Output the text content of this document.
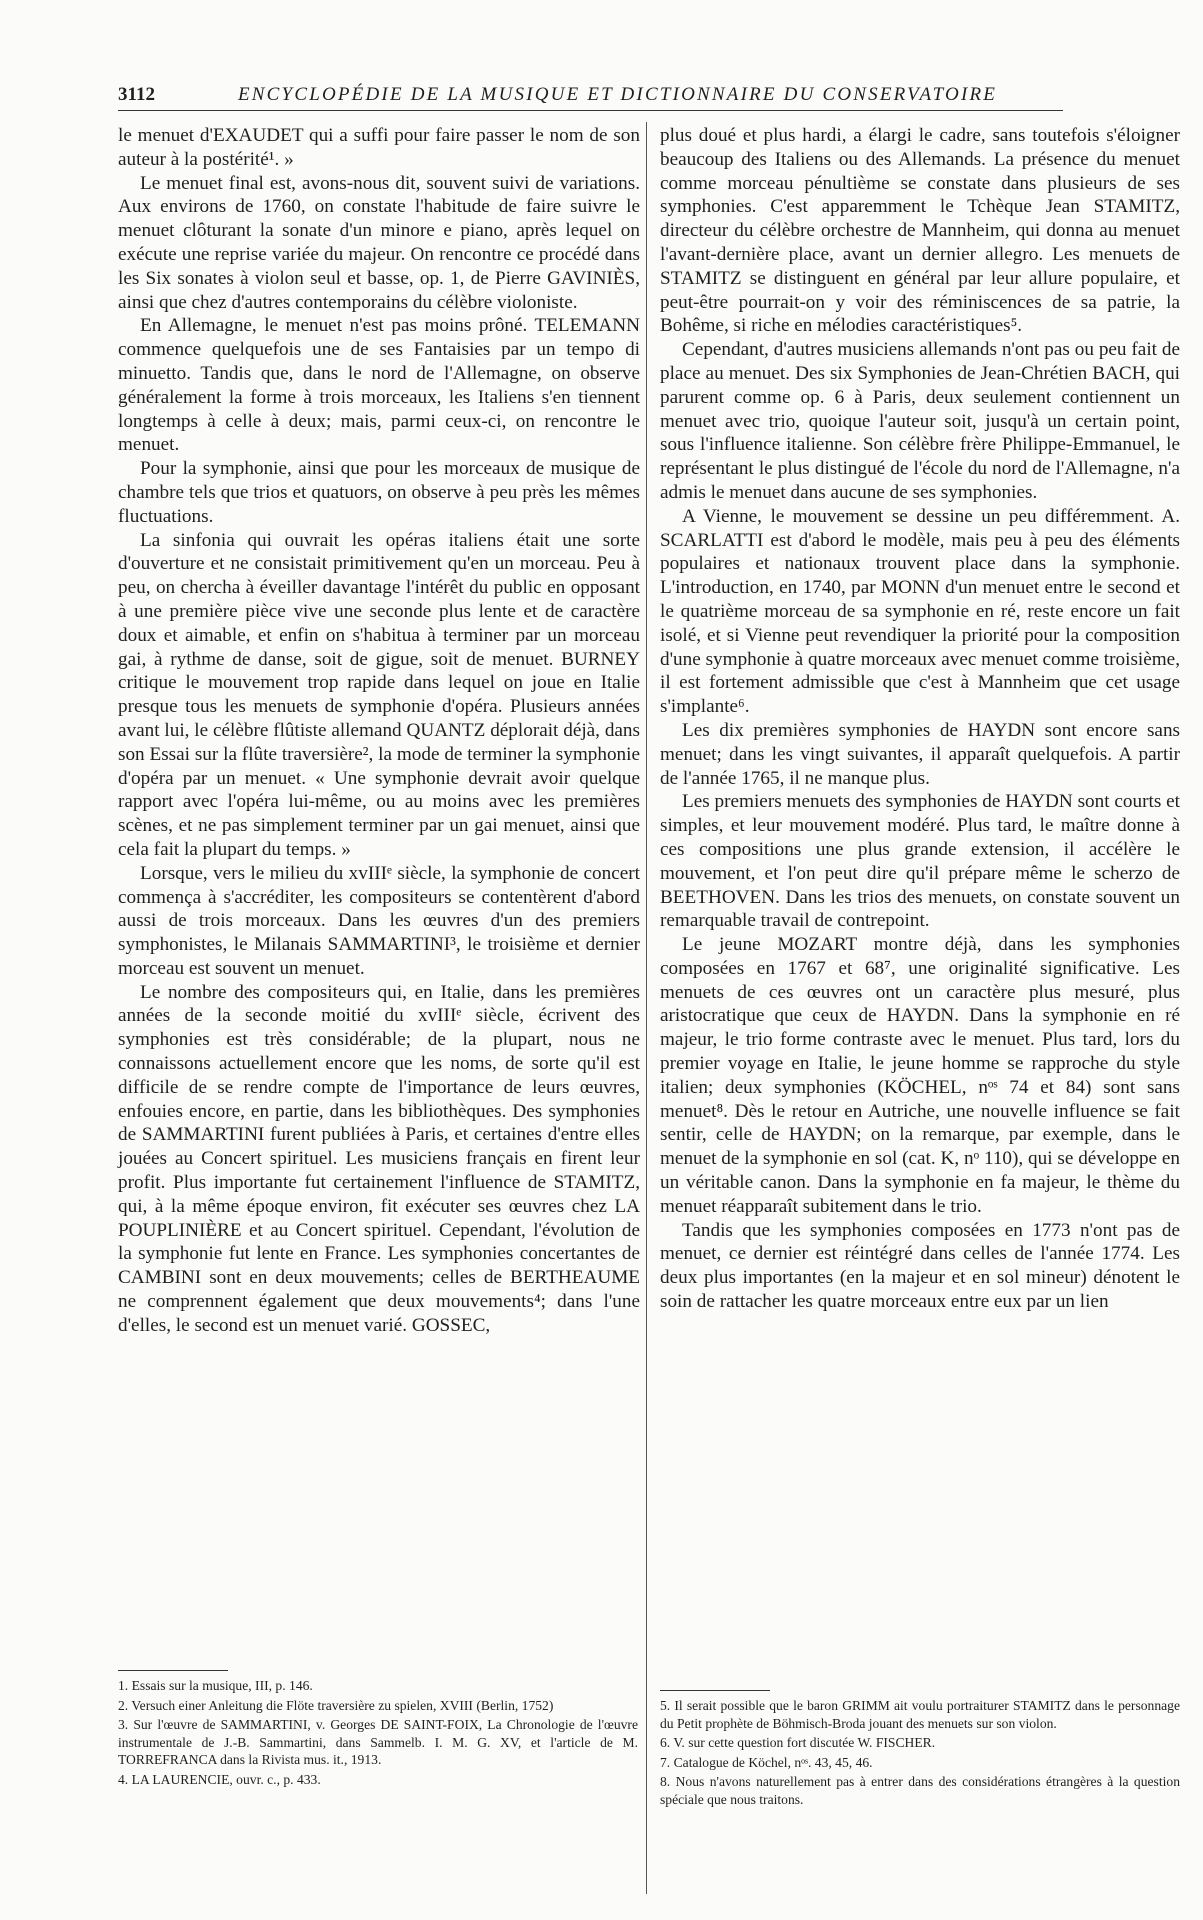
3112	ENCYCLOPÉDIE DE LA MUSIQUE ET DICTIONNAIRE DU CONSERVATOIRE

le menuet d'EXAUDET qui a suffi pour faire passer le nom de son auteur à la postérité¹. »

Le menuet final est, avons-nous dit, souvent suivi de variations. Aux environs de 1760, on constate l'habitude de faire suivre le menuet clôturant la sonate d'un minore e piano, après lequel on exécute une reprise variée du majeur. On rencontre ce procédé dans les Six sonates à violon seul et basse, op. 1, de Pierre GAVINIÈS, ainsi que chez d'autres contemporains du célèbre violoniste.

En Allemagne, le menuet n'est pas moins prôné. TELEMANN commence quelquefois une de ses Fantaisies par un tempo di minuetto. Tandis que, dans le nord de l'Allemagne, on observe généralement la forme à trois morceaux, les Italiens s'en tiennent longtemps à celle à deux; mais, parmi ceux-ci, on rencontre le menuet.

Pour la symphonie, ainsi que pour les morceaux de musique de chambre tels que trios et quatuors, on observe à peu près les mêmes fluctuations.

La sinfonia qui ouvrait les opéras italiens était une sorte d'ouverture et ne consistait primitivement qu'en un morceau. Peu à peu, on chercha à éveiller davantage l'intérêt du public en opposant à une première pièce vive une seconde plus lente et de caractère doux et aimable, et enfin on s'habitua à terminer par un morceau gai, à rythme de danse, soit de gigue, soit de menuet. BURNEY critique le mouvement trop rapide dans lequel on joue en Italie presque tous les menuets de symphonie d'opéra. Plusieurs années avant lui, le célèbre flûtiste allemand QUANTZ déplorait déjà, dans son Essai sur la flûte traversière², la mode de terminer la symphonie d'opéra par un menuet. « Une symphonie devrait avoir quelque rapport avec l'opéra lui-même, ou au moins avec les premières scènes, et ne pas simplement terminer par un gai menuet, ainsi que cela fait la plupart du temps. »

Lorsque, vers le milieu du xvIIIᵉ siècle, la symphonie de concert commença à s'accréditer, les compositeurs se contentèrent d'abord aussi de trois morceaux. Dans les œuvres d'un des premiers symphonistes, le Milanais SAMMARTINI³, le troisième et dernier morceau est souvent un menuet.

Le nombre des compositeurs qui, en Italie, dans les premières années de la seconde moitié du xvIIIᵉ siècle, écrivent des symphonies est très considérable; de la plupart, nous ne connaissons actuellement encore que les noms, de sorte qu'il est difficile de se rendre compte de l'importance de leurs œuvres, enfouies encore, en partie, dans les bibliothèques. Des symphonies de SAMMARTINI furent publiées à Paris, et certaines d'entre elles jouées au Concert spirituel. Les musiciens français en firent leur profit. Plus importante fut certainement l'influence de STAMITZ, qui, à la même époque environ, fit exécuter ses œuvres chez LA POUPLINIÈRE et au Concert spirituel. Cependant, l'évolution de la symphonie fut lente en France. Les symphonies concertantes de CAMBINI sont en deux mouvements; celles de BERTHEAUME ne comprennent également que deux mouvements⁴; dans l'une d'elles, le second est un menuet varié. GOSSEC,

plus doué et plus hardi, a élargi le cadre, sans toutefois s'éloigner beaucoup des Italiens ou des Allemands. La présence du menuet comme morceau pénultième se constate dans plusieurs de ses symphonies. C'est apparemment le Tchèque Jean STAMITZ, directeur du célèbre orchestre de Mannheim, qui donna au menuet l'avant-dernière place, avant un dernier allegro. Les menuets de STAMITZ se distinguent en général par leur allure populaire, et peut-être pourrait-on y voir des réminiscences de sa patrie, la Bohême, si riche en mélodies caractéristiques⁵.

Cependant, d'autres musiciens allemands n'ont pas ou peu fait de place au menuet. Des six Symphonies de Jean-Chrétien BACH, qui parurent comme op. 6 à Paris, deux seulement contiennent un menuet avec trio, quoique l'auteur soit, jusqu'à un certain point, sous l'influence italienne. Son célèbre frère Philippe-Emmanuel, le représentant le plus distingué de l'école du nord de l'Allemagne, n'a admis le menuet dans aucune de ses symphonies.

A Vienne, le mouvement se dessine un peu différemment. A. SCARLATTI est d'abord le modèle, mais peu à peu des éléments populaires et nationaux trouvent place dans la symphonie. L'introduction, en 1740, par MONN d'un menuet entre le second et le quatrième morceau de sa symphonie en ré, reste encore un fait isolé, et si Vienne peut revendiquer la priorité pour la composition d'une symphonie à quatre morceaux avec menuet comme troisième, il est fortement admissible que c'est à Mannheim que cet usage s'implante⁶.

Les dix premières symphonies de HAYDN sont encore sans menuet; dans les vingt suivantes, il apparaît quelquefois. A partir de l'année 1765, il ne manque plus.

Les premiers menuets des symphonies de HAYDN sont courts et simples, et leur mouvement modéré. Plus tard, le maître donne à ces compositions une plus grande extension, il accélère le mouvement, et l'on peut dire qu'il prépare même le scherzo de BEETHOVEN. Dans les trios des menuets, on constate souvent un remarquable travail de contrepoint.

Le jeune MOZART montre déjà, dans les symphonies composées en 1767 et 68⁷, une originalité significative. Les menuets de ces œuvres ont un caractère plus mesuré, plus aristocratique que ceux de HAYDN. Dans la symphonie en ré majeur, le trio forme contraste avec le menuet. Plus tard, lors du premier voyage en Italie, le jeune homme se rapproche du style italien; deux symphonies (KÖCHEL, nᵒˢ 74 et 84) sont sans menuet⁸. Dès le retour en Autriche, une nouvelle influence se fait sentir, celle de HAYDN; on la remarque, par exemple, dans le menuet de la symphonie en sol (cat. K, nᵒ 110), qui se développe en un véritable canon. Dans la symphonie en fa majeur, le thème du menuet réapparaît subitement dans le trio.

Tandis que les symphonies composées en 1773 n'ont pas de menuet, ce dernier est réintégré dans celles de l'année 1774. Les deux plus importantes (en la majeur et en sol mineur) dénotent le soin de rattacher les quatre morceaux entre eux par un lien

1. Essais sur la musique, III, p. 146.

2. Versuch einer Anleitung die Flöte traversière zu spielen, XVIII (Berlin, 1752)

3. Sur l'œuvre de SAMMARTINI, v. Georges DE SAINT-FOIX, La Chronologie de l'œuvre instrumentale de J.-B. Sammartini, dans Sammelb. I. M. G. XV, et l'article de M. TORREFRANCA dans la Rivista mus. it., 1913.

4. LA LAURENCIE, ouvr. c., p. 433.

5. Il serait possible que le baron GRIMM ait voulu portraiturer STAMITZ dans le personnage du Petit prophète de Böhmisch-Broda jouant des menuets sur son violon.

6. V. sur cette question fort discutée W. FISCHER.

7. Catalogue de Köchel, nᵒˢ. 43, 45, 46.

8. Nous n'avons naturellement pas à entrer dans des considérations étrangères à la question spéciale que nous traitons.
